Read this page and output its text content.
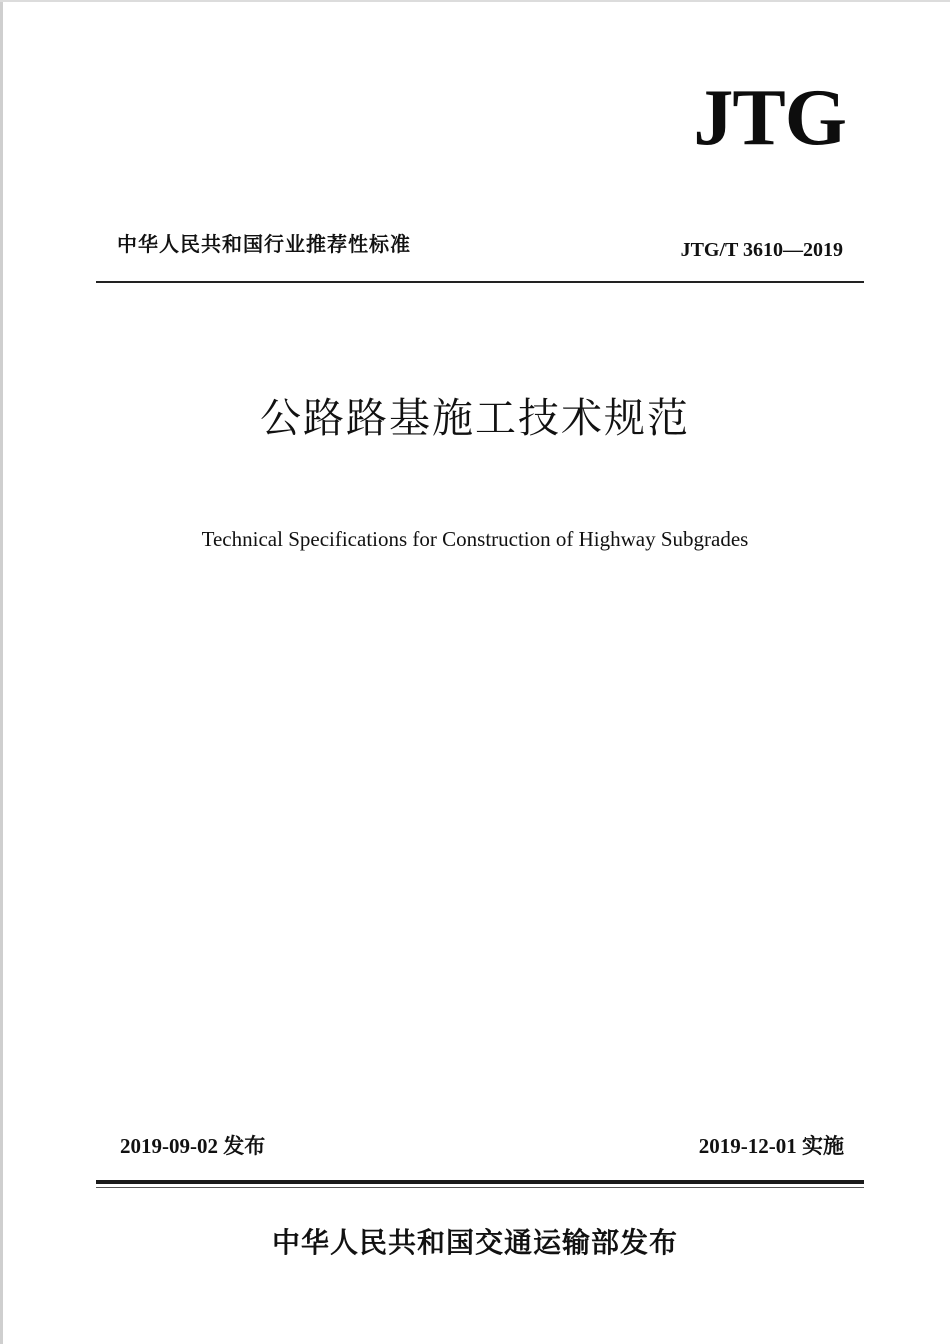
JTG
中华人民共和国行业推荐性标准	JTG/T 3610—2019
公路路基施工技术规范
Technical Specifications for Construction of Highway Subgrades
2019-09-02 发布	2019-12-01 实施
中华人民共和国交通运输部发布
